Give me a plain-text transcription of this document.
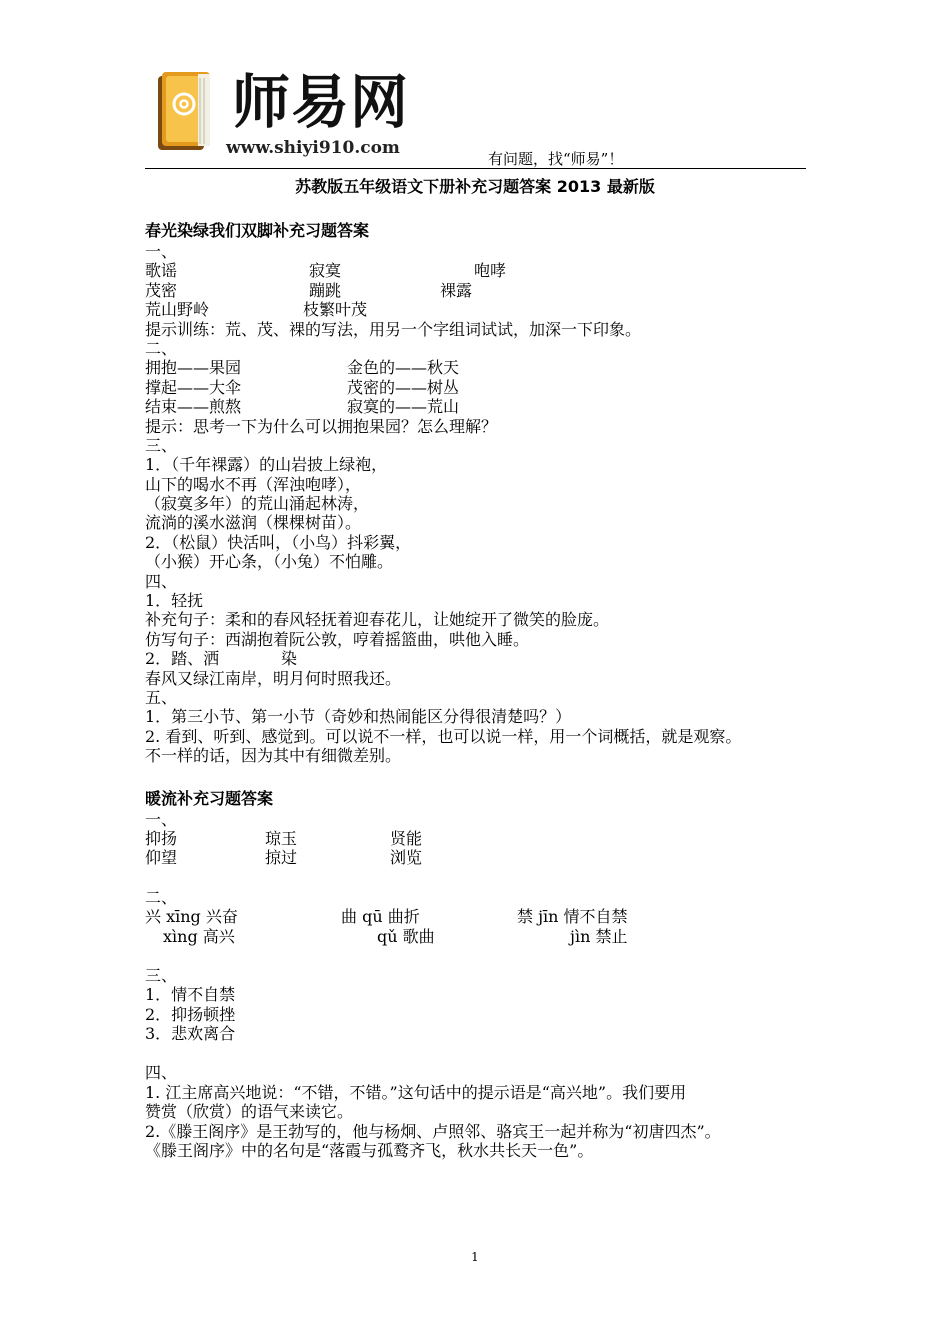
师易网
www.shiyi910.com
有问题，找“师易”！
苏教版五年级语文下册补充习题答案 2013 最新版
春光染绿我们双脚补充习题答案
一、
歌谣	寂寞	咆哮
茂密	蹦跳	裸露
荒山野岭	枝繁叶茂
提示训练：荒、茂、裸的写法，用另一个字组词试试，加深一下印象。
二、
拥抱——果园	金色的——秋天
撑起——大伞	茂密的——树丛
结束——煎熬	寂寞的——荒山
提示：思考一下为什么可以拥抱果园？怎么理解？
三、
1．（千年裸露）的山岩披上绿袍，
山下的喝水不再（浑浊咆哮），
（寂寞多年）的荒山涌起林涛，
流淌的溪水滋润（棵棵树苗）。
2．（松鼠）快活叫，（小鸟）抖彩翼，
（小猴）开心条，（小兔）不怕雕。
四、
1．轻抚
补充句子：柔和的春风轻抚着迎春花儿，让她绽开了微笑的脸庞。
仿写句子：西湖抱着阮公敦，哼着摇篮曲，哄他入睡。
2．踏、洒	染
春风又绿江南岸，明月何时照我还。
五、
1．第三小节、第一小节（奇妙和热闹能区分得很清楚吗？）
2. 看到、听到、感觉到。可以说不一样，也可以说一样，用一个词概括，就是观察。
不一样的话，因为其中有细微差别。
暖流补充习题答案
一、
抑扬	琼玉	贤能
仰望	掠过	浏览
二、
兴 xīng 兴奋	曲 qū 曲折	禁 jīn 情不自禁
xìng 高兴	qǔ 歌曲	jìn 禁止
三、
1．情不自禁
2．抑扬顿挫
3．悲欢离合
四、
1. 江主席高兴地说：“不错，不错。”这句话中的提示语是“高兴地”。我们要用
赞赏（欣赏）的语气来读它。
2.《滕王阁序》是王勃写的，他与杨炯、卢照邻、骆宾王一起并称为“初唐四杰”。
《滕王阁序》中的名句是“落霞与孤鹜齐飞，秋水共长天一色”。
1
